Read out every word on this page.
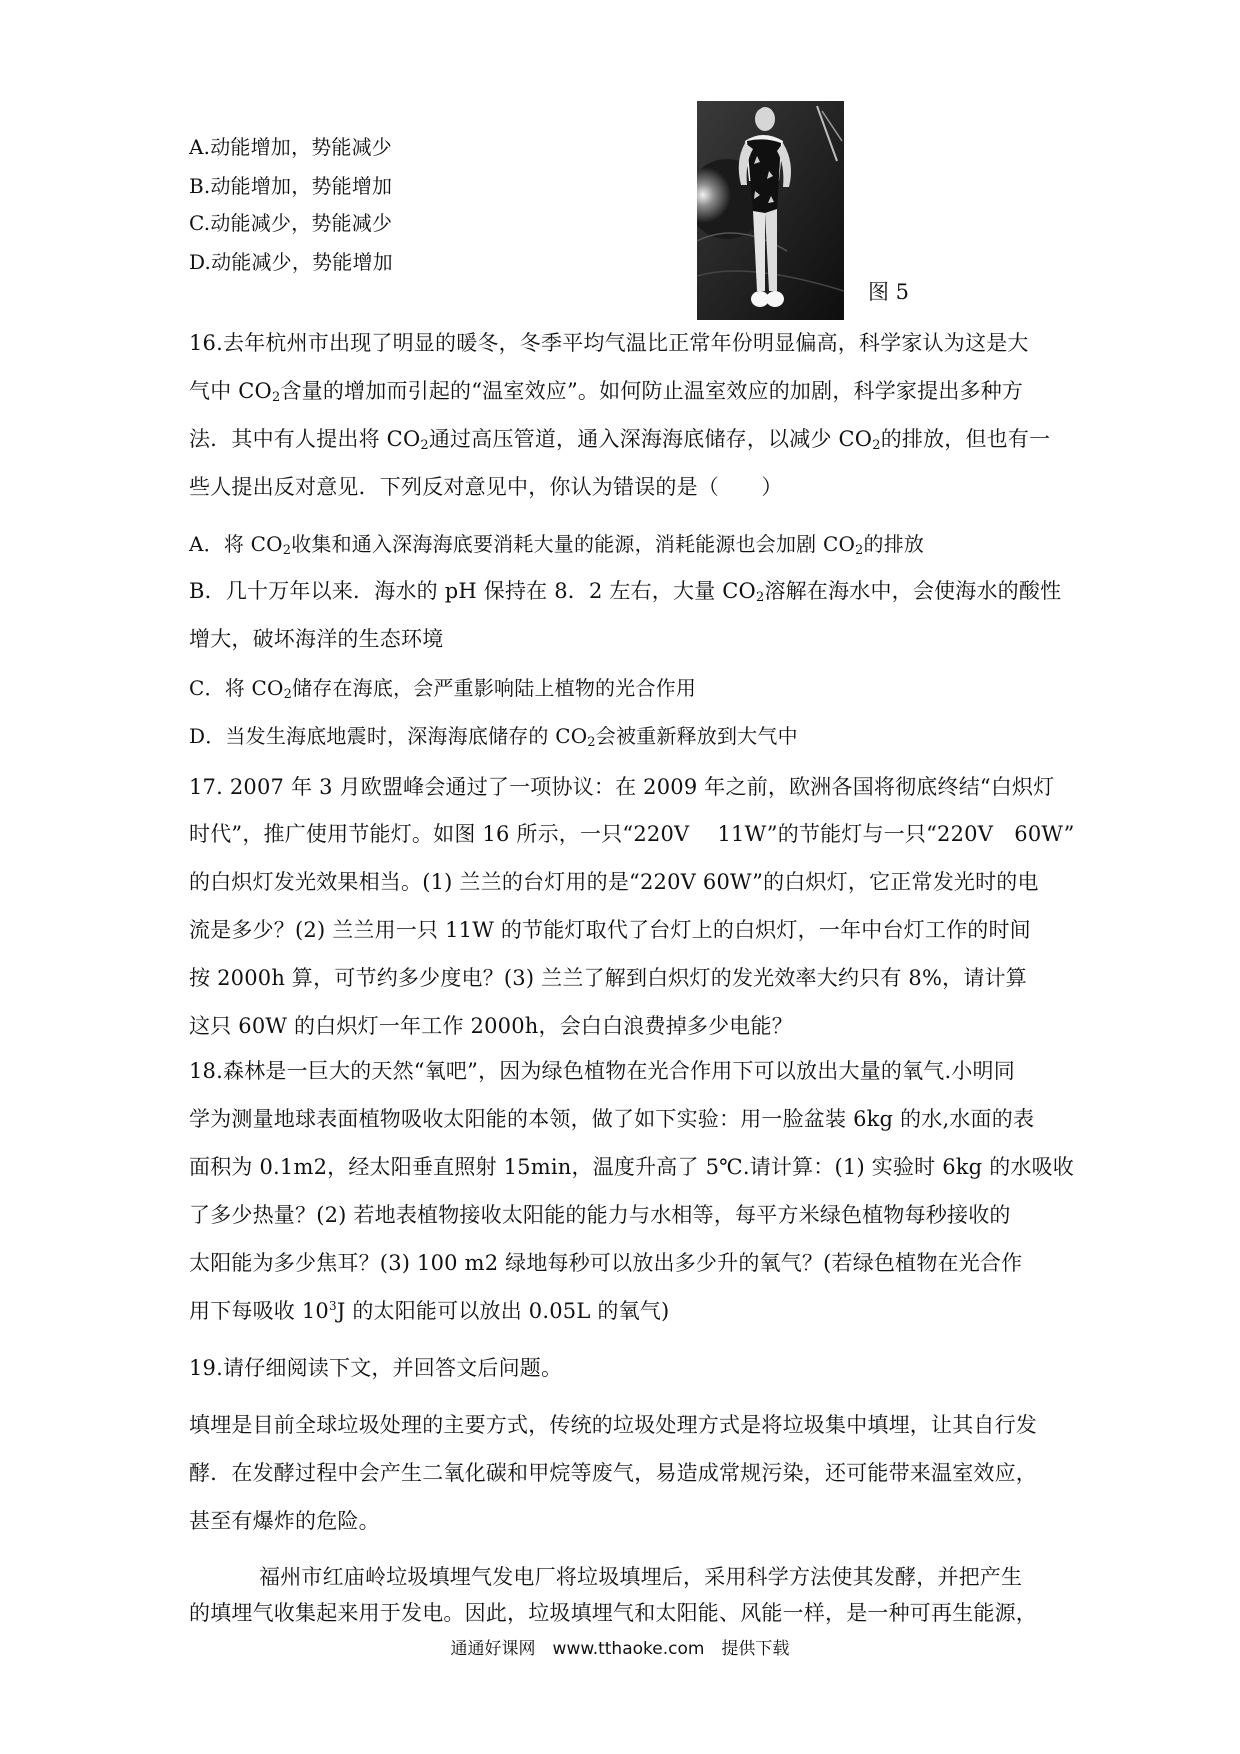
A.动能增加，势能减少
B.动能增加，势能增加
C.动能减少，势能减少
D.动能减少，势能增加
图 5
16.去年杭州市出现了明显的暖冬，冬季平均气温比正常年份明显偏高，科学家认为这是大
气中 $CO_2$含量的增加而引起的“温室效应”。如何防止温室效应的加剧，科学家提出多种方
法．其中有人提出将 $CO_2$通过高压管道，通入深海海底储存，以减少 $CO_2$的排放，但也有一
些人提出反对意见．下列反对意见中，你认为错误的是（　　）
A．将 $CO_2$收集和通入深海海底要消耗大量的能源，消耗能源也会加剧 $CO_2$的排放
B．几十万年以来．海水的 pH 保持在 8．2 左右，大量 $CO_2$溶解在海水中，会使海水的酸性
增大，破坏海洋的生态环境
C．将 $CO_2$储存在海底，会严重影响陆上植物的光合作用
D．当发生海底地震时，深海海底储存的 $CO_2$会被重新释放到大气中
17. 2007 年 3 月欧盟峰会通过了一项协议：在 2009 年之前，欧洲各国将彻底终结“白炽灯
时代”，推广使用节能灯。如图 16 所示，一只“220V　 11W”的节能灯与一只“220V　60W”
的白炽灯发光效果相当。(1) 兰兰的台灯用的是“220V 60W”的白炽灯，它正常发光时的电
流是多少？(2) 兰兰用一只 11W 的节能灯取代了台灯上的白炽灯，一年中台灯工作的时间
按 2000h 算，可节约多少度电？(3) 兰兰了解到白炽灯的发光效率大约只有 8%，请计算
这只 60W 的白炽灯一年工作 2000h，会白白浪费掉多少电能？
18.森林是一巨大的天然“氧吧”，因为绿色植物在光合作用下可以放出大量的氧气.小明同
学为测量地球表面植物吸收太阳能的本领，做了如下实验：用一脸盆装 6kg 的水,水面的表
面积为 0.1m2，经太阳垂直照射 15min，温度升高了 5℃.请计算：(1) 实验时 6kg 的水吸收
了多少热量？(2) 若地表植物接收太阳能的能力与水相等，每平方米绿色植物每秒接收的
太阳能为多少焦耳？(3) 100 m2 绿地每秒可以放出多少升的氧气？(若绿色植物在光合作
用下每吸收 $10^3J$ 的太阳能可以放出 0.05L 的氧气)
19.请仔细阅读下文，并回答文后问题。
填埋是目前全球垃圾处理的主要方式，传统的垃圾处理方式是将垃圾集中填埋，让其自行发
酵．在发酵过程中会产生二氧化碳和甲烷等废气，易造成常规污染，还可能带来温室效应，
甚至有爆炸的危险。
福州市红庙岭垃圾填埋气发电厂将垃圾填埋后，采用科学方法使其发酵，并把产生
的填埋气收集起来用于发电。因此，垃圾填埋气和太阳能、风能一样，是一种可再生能源，
通通好课网　www.tthaoke.com　提供下载
